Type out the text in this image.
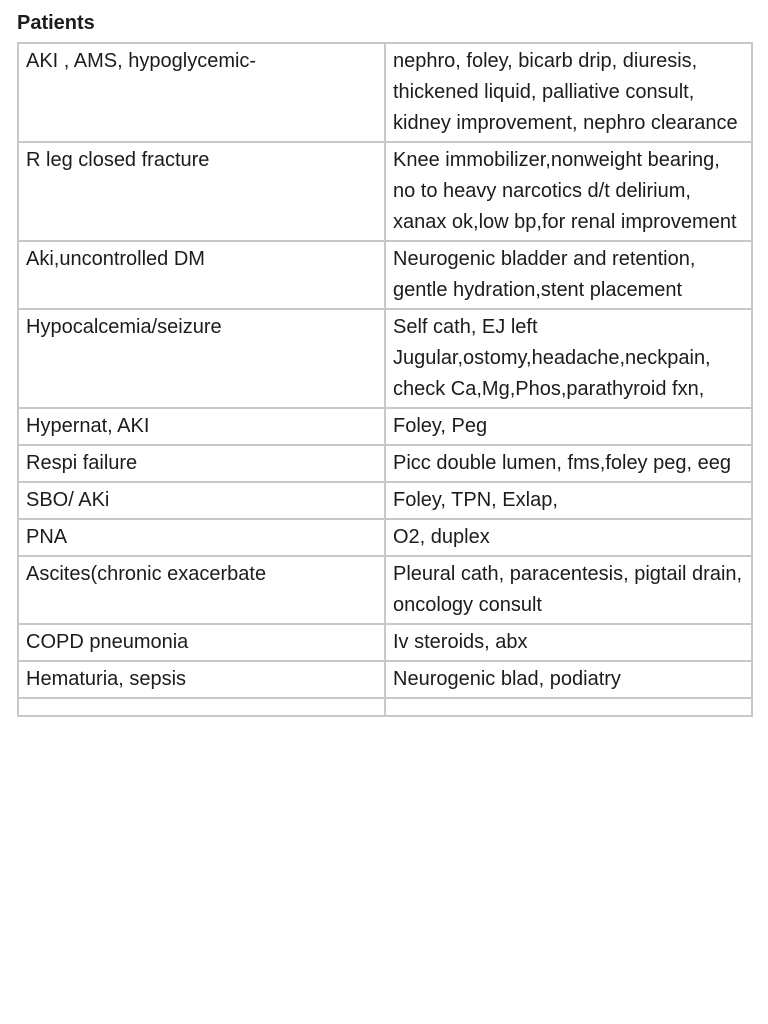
Patients
AKI , AMS, hypoglycemic-	nephro, foley, bicarb drip, diuresis, thickened liquid, palliative consult, kidney improvement, nephro clearance
R leg closed fracture	Knee immobilizer,nonweight bearing, no to heavy narcotics d/t delirium, xanax ok,low bp,for renal improvement
Aki,uncontrolled DM	Neurogenic bladder and retention, gentle hydration,stent placement
Hypocalcemia/seizure	Self cath, EJ left Jugular,ostomy,headache,neckpain, check Ca,Mg,Phos,parathyroid fxn,
Hypernat, AKI	Foley, Peg
Respi failure	Picc double lumen, fms,foley peg, eeg
SBO/ AKi	Foley, TPN, Exlap,
PNA	O2, duplex
Ascites(chronic exacerbate	Pleural cath, paracentesis, pigtail drain, oncology consult
COPD pneumonia	Iv steroids, abx
Hematuria, sepsis	Neurogenic blad, podiatry
